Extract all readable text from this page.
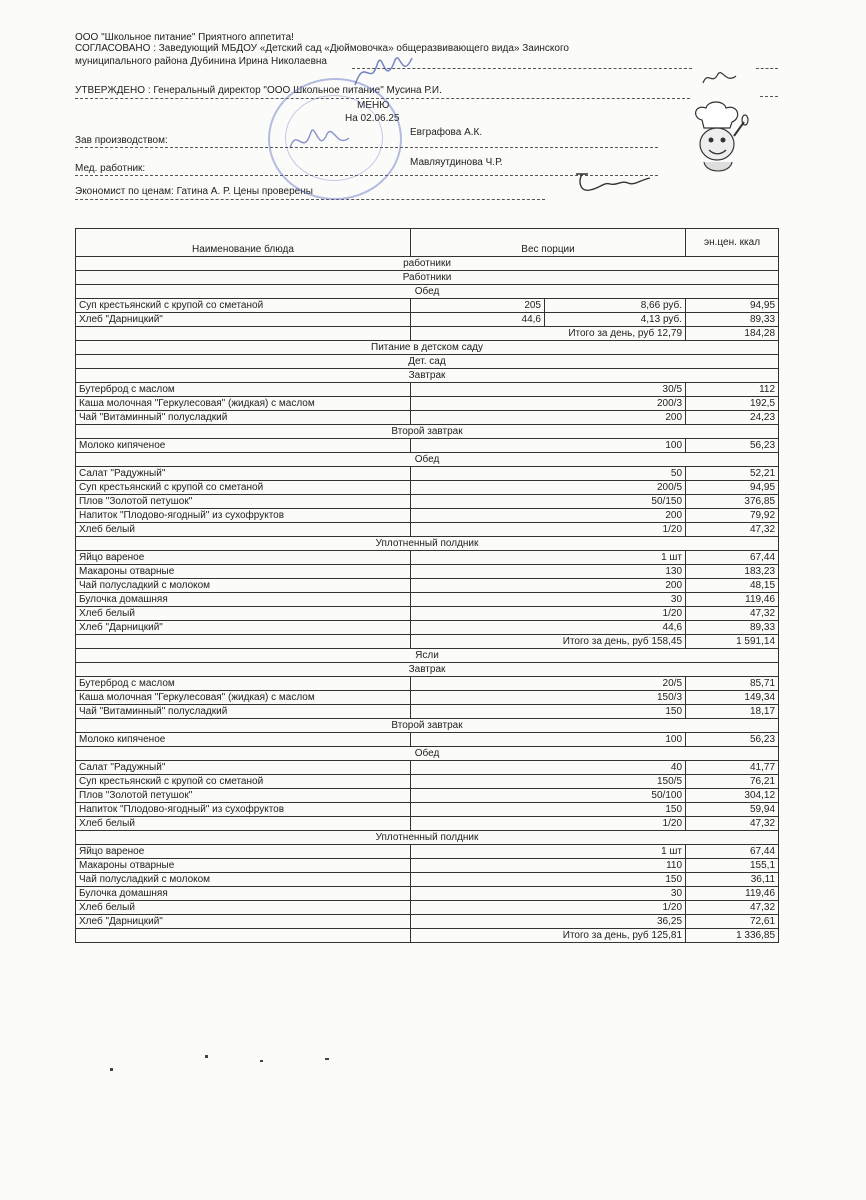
ООО "Школьное питание" Приятного аппетита!
СОГЛАСОВАНО : Заведующий МБДОУ «Детский сад «Дюймовочка» общеразвивающего вида» Заинского
муниципального района Дубинина Ирина Николаевна
УТВЕРЖДЕНО : Генеральный директор "ООО Школьное питание" Мусина Р.И.
МЕНЮ
На 02.06.25
Зав производством:
Евграфова А.К.
Мед. работник:
Мавляутдинова Ч.Р.
Экономист по ценам: Гатина А. Р. Цены проверены
Наименование блюда	Вес порции		эн.цен. ккал
работники			
Работники			
Обед			
Суп крестьянский с крупой со сметаной	205	8,66 руб.	94,95
Хлеб "Дарницкий"	44,6	4,13 руб.	89,33
	Итого за день, руб 12,79		184,28
Питание в детском саду			
Дет. сад			
Завтрак			
Бутерброд с маслом	30/5		112
Каша молочная "Геркулесовая" (жидкая) с маслом	200/3		192,5
Чай "Витаминный" полусладкий	200		24,23
Второй завтрак			
Молоко кипяченое	100		56,23
Обед			
Салат "Радужный"	50		52,21
Суп крестьянский с крупой со сметаной	200/5		94,95
Плов "Золотой петушок"	50/150		376,85
Напиток "Плодово-ягодный" из сухофруктов	200		79,92
Хлеб белый	1/20		47,32
Уплотненный полдник			
Яйцо вареное	1 шт		67,44
Макароны отварные	130		183,23
Чай полусладкий с молоком	200		48,15
Булочка домашняя	30		119,46
Хлеб белый	1/20		47,32
Хлеб "Дарницкий"	44,6		89,33
	Итого за день, руб 158,45		1 591,14
Ясли			
Завтрак			
Бутерброд с маслом	20/5		85,71
Каша молочная "Геркулесовая" (жидкая) с маслом	150/3		149,34
Чай "Витаминный" полусладкий	150		18,17
Второй завтрак			
Молоко кипяченое	100		56,23
Обед			
Салат "Радужный"	40		41,77
Суп крестьянский с крупой со сметаной	150/5		76,21
Плов "Золотой петушок"	50/100		304,12
Напиток "Плодово-ягодный" из сухофруктов	150		59,94
Хлеб белый	1/20		47,32
Уплотненный полдник			
Яйцо вареное	1 шт		67,44
Макароны отварные	110		155,1
Чай полусладкий с молоком	150		36,11
Булочка домашняя	30		119,46
Хлеб белый	1/20		47,32
Хлеб "Дарницкий"	36,25		72,61
	Итого за день, руб 125,81		1 336,85
